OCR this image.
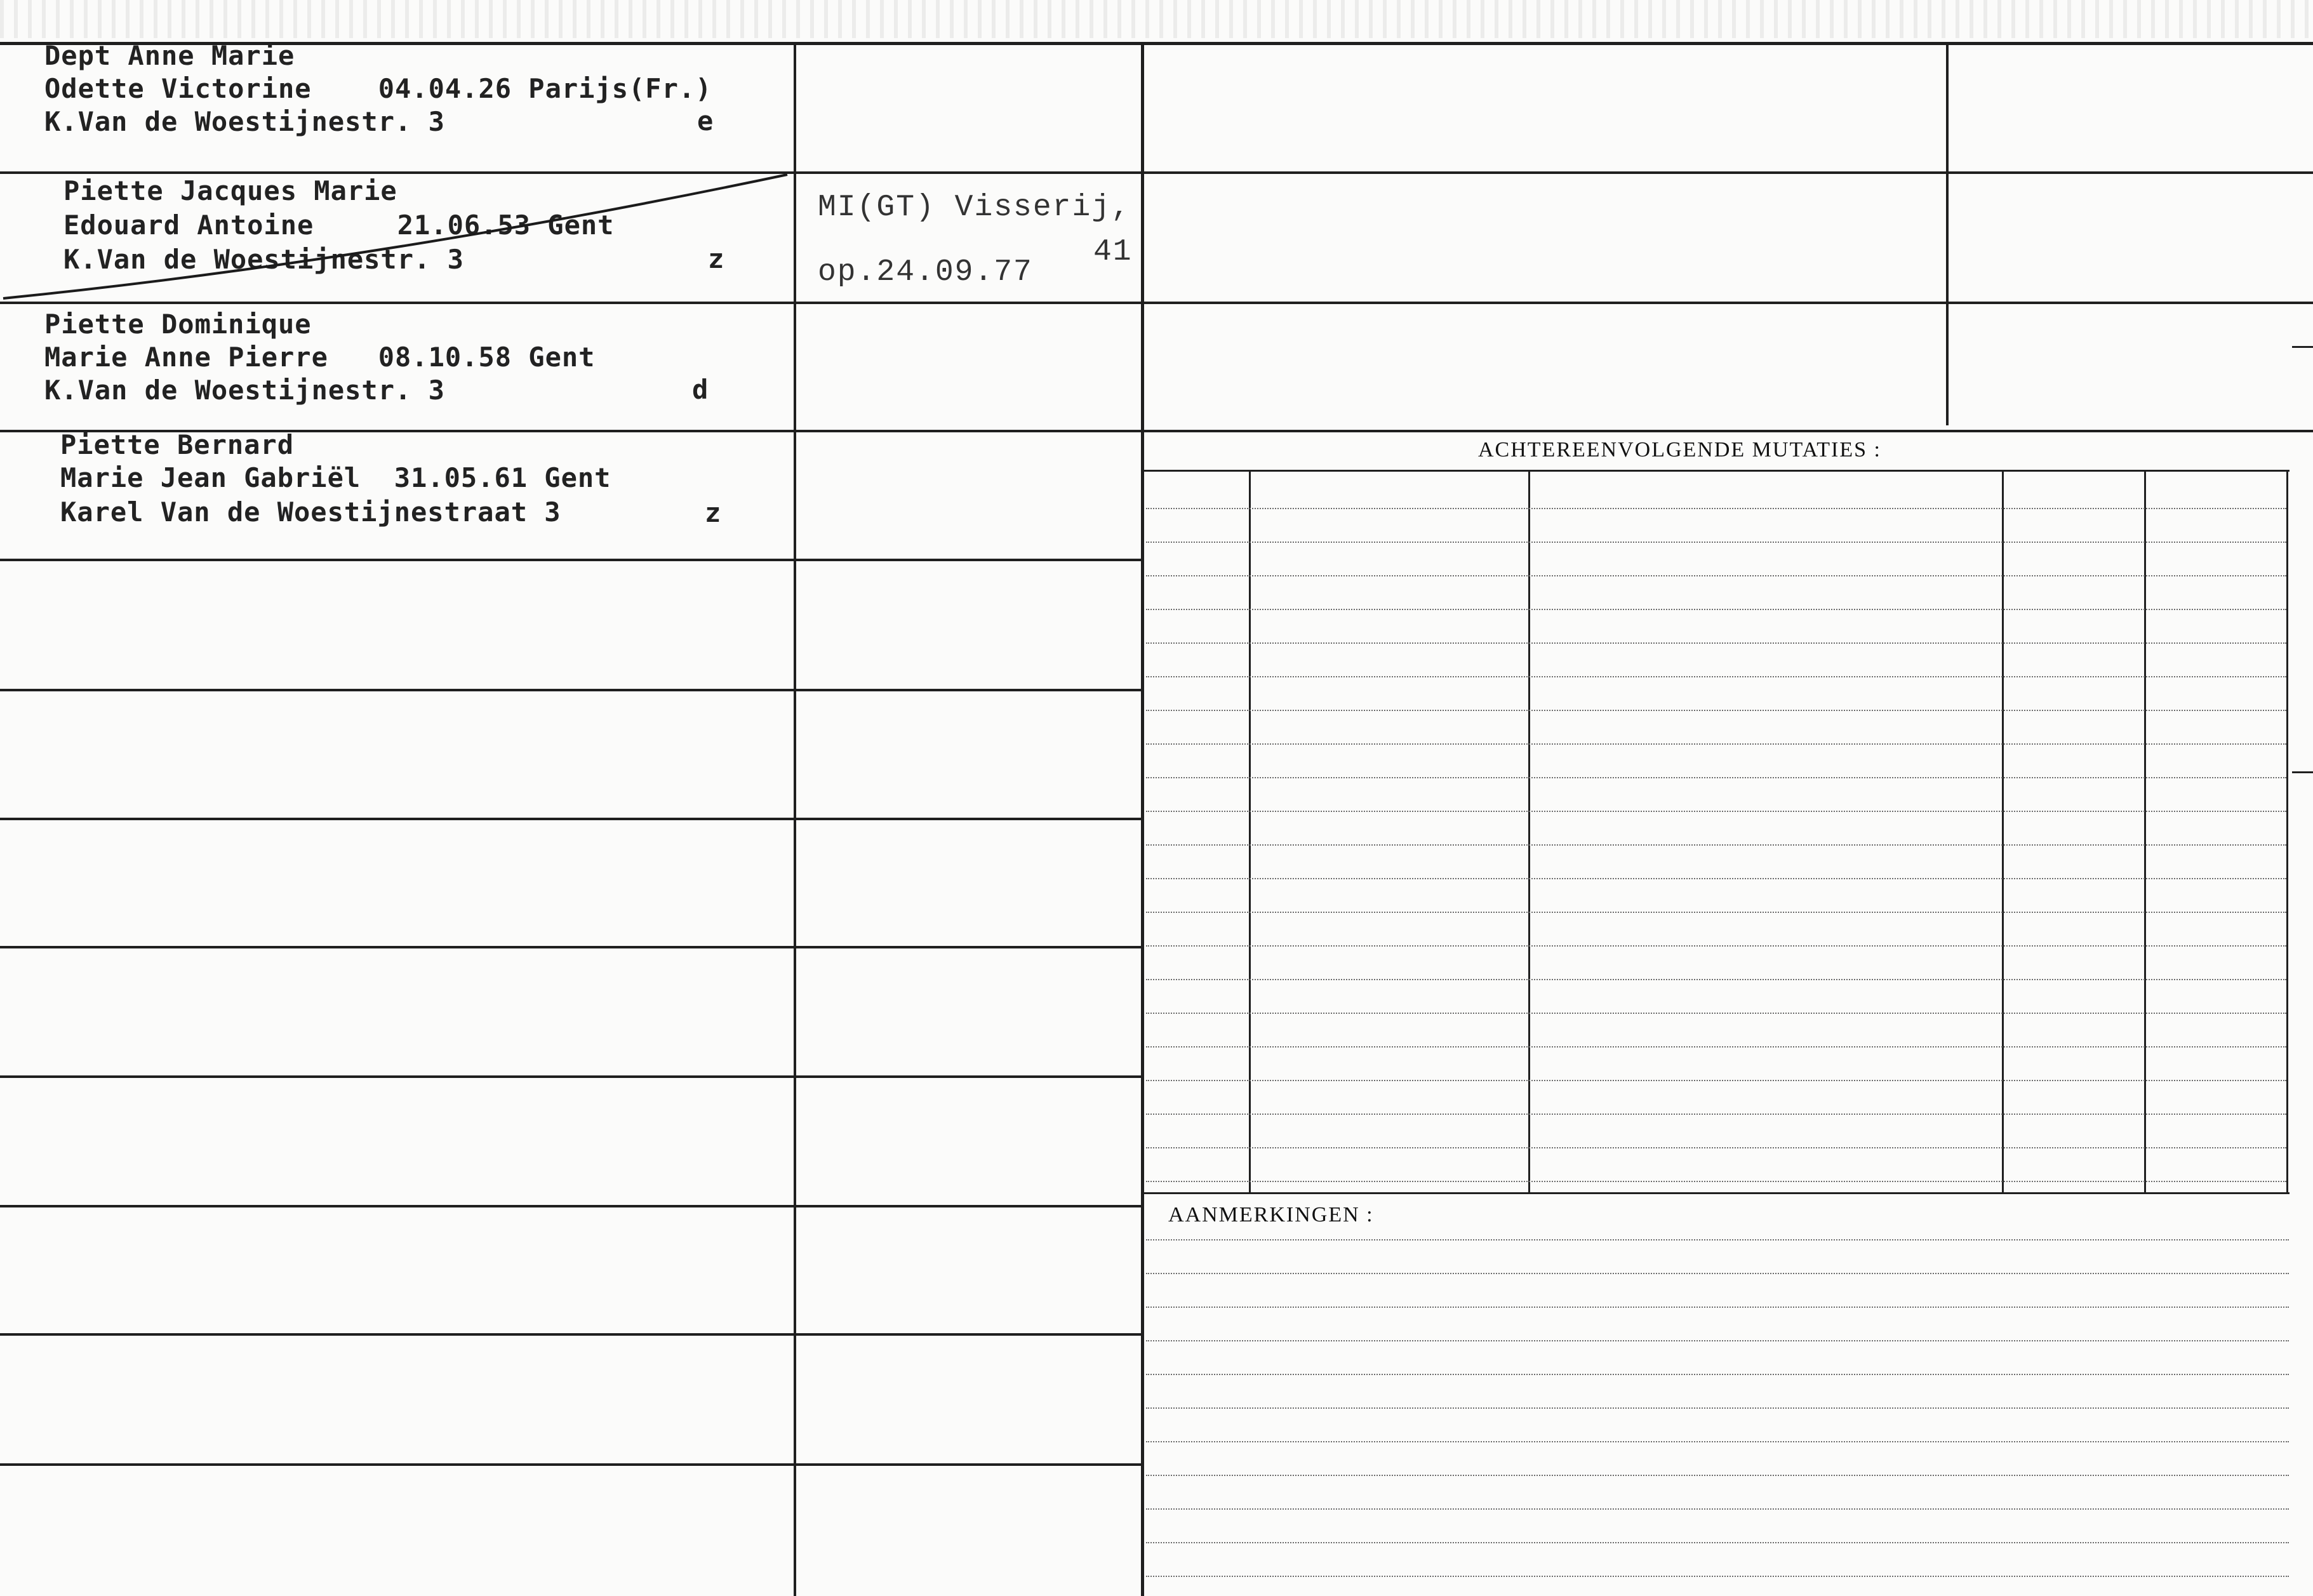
ACHTEREENVOLGENDE MUTATIES :
AANMERKINGEN :
Dept Anne Marie
Odette Victorine    04.04.26 Parijs(Fr.)
K.Van de Woestijnestr. 3	e
Piette Jacques Marie
Edouard Antoine     21.06.53 Gent
K.Van de Woestijnestr. 3	z
MI(GT) Visserij,
41
op.24.09.77
Piette Dominique
Marie Anne Pierre   08.10.58 Gent
K.Van de Woestijnestr. 3	d
Piette Bernard
Marie Jean Gabriël  31.05.61 Gent
Karel Van de Woestijnestraat 3	z
